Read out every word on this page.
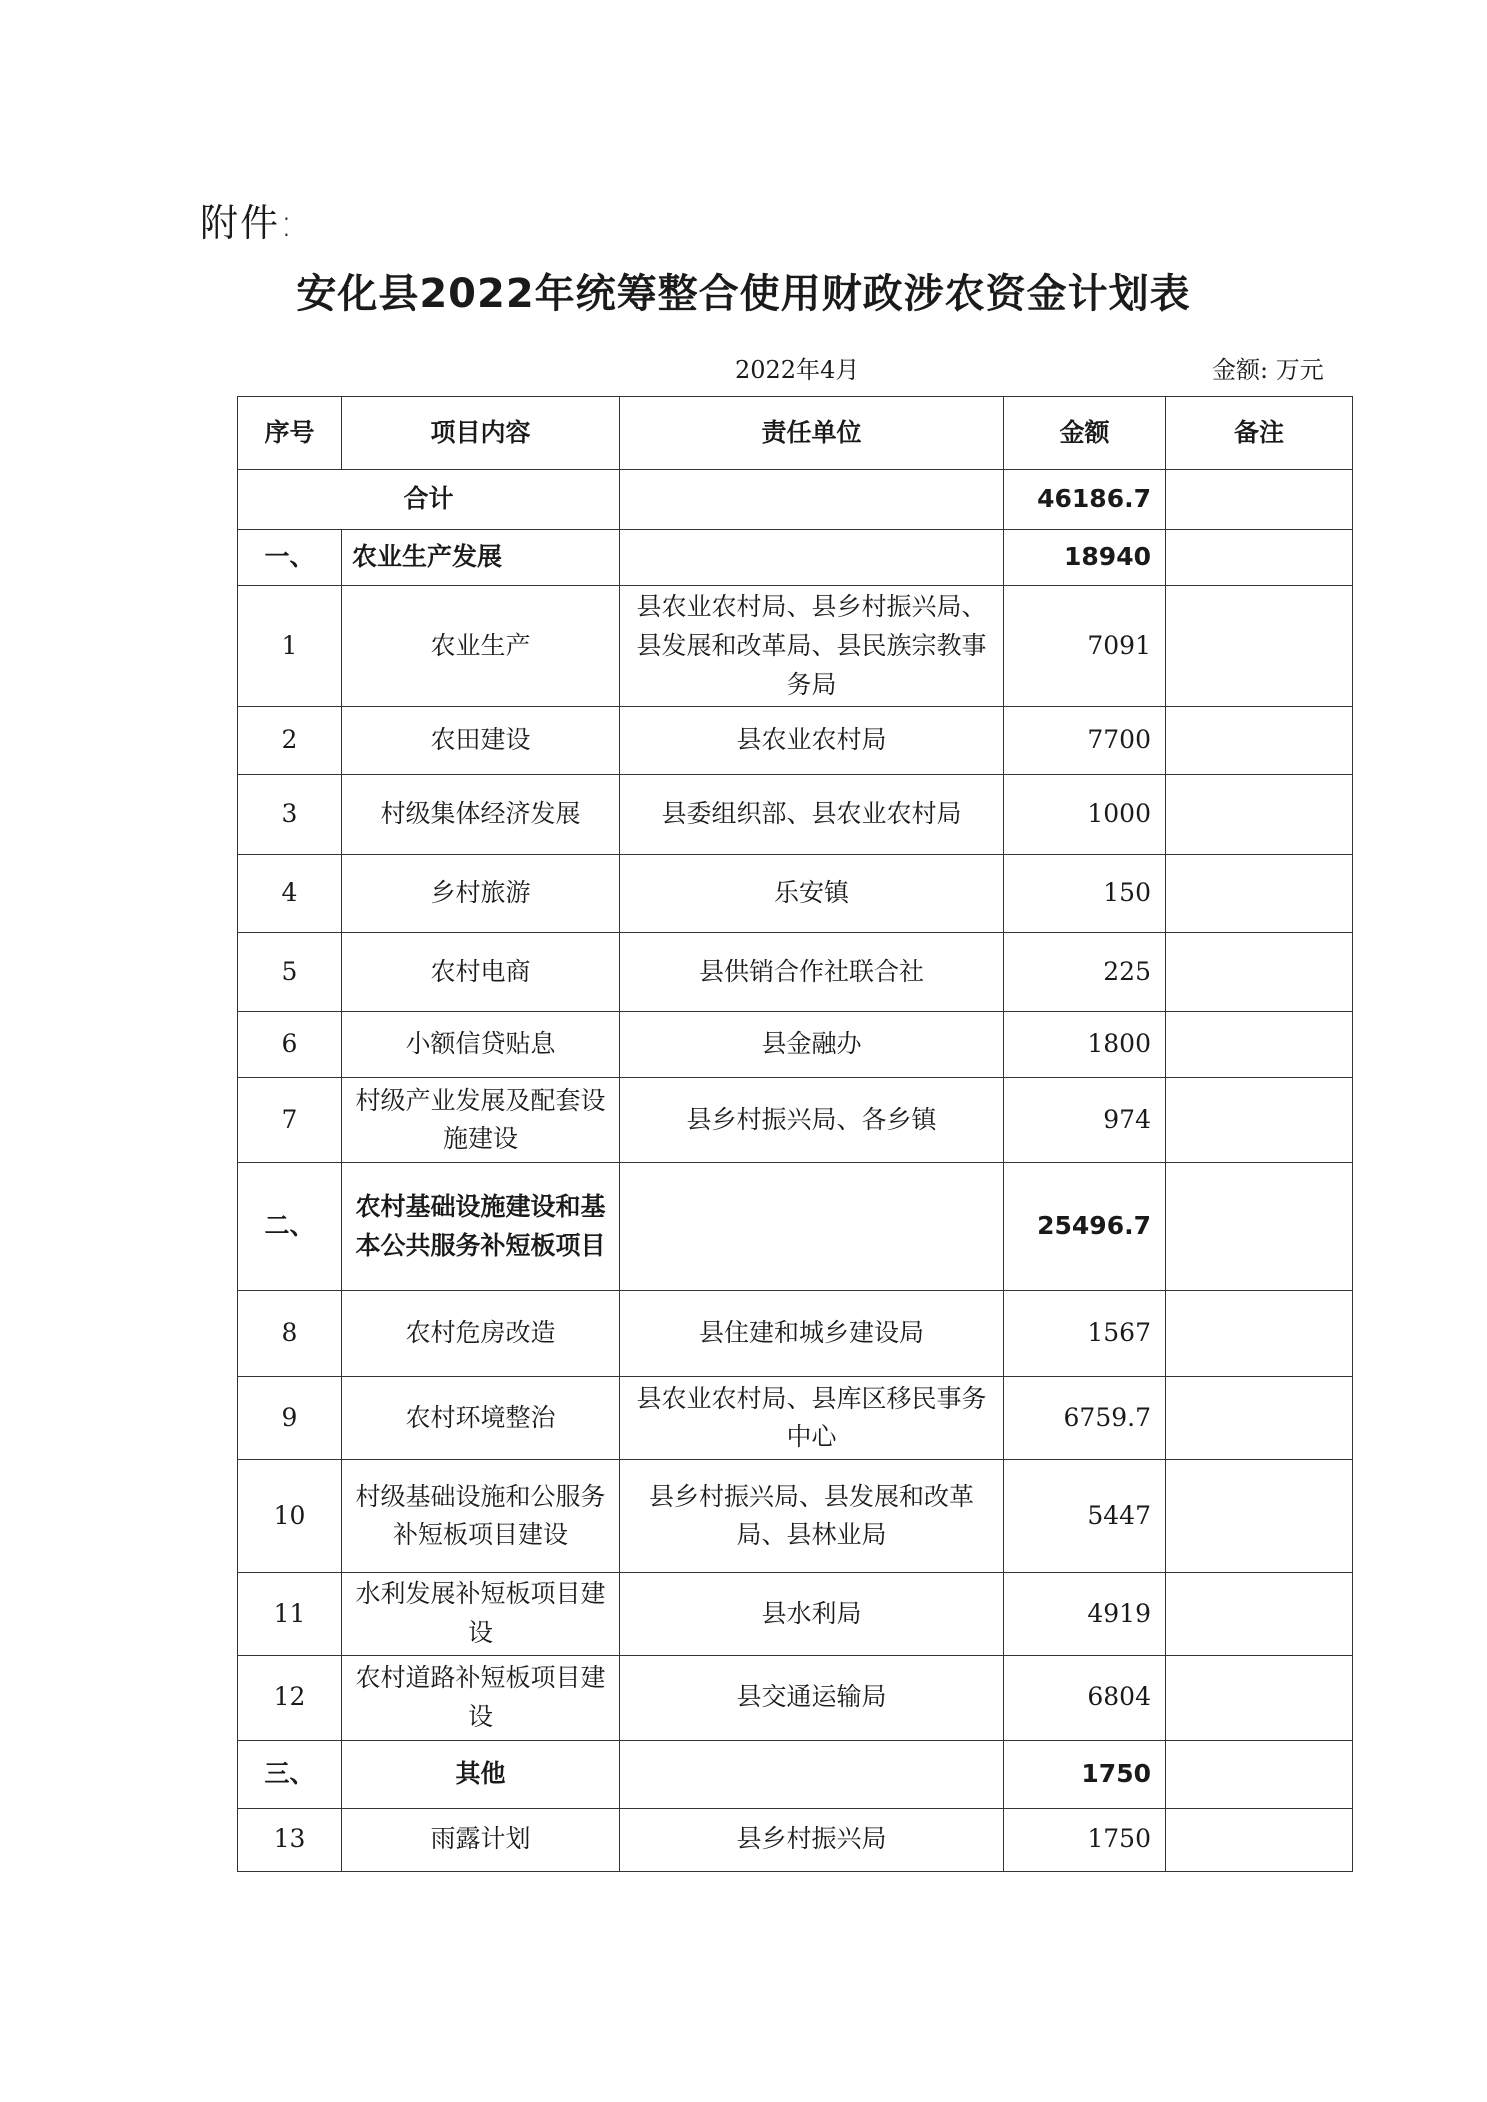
附件:
安化县2022年统筹整合使用财政涉农资金计划表
2022年4月	金额: 万元
序号	项目内容	责任单位	金额	备注
合计			46186.7	
一、	农业生产发展		18940	
1	农业生产	县农业农村局、县乡村振兴局、县发展和改革局、县民族宗教事务局	7091	
2	农田建设	县农业农村局	7700	
3	村级集体经济发展	县委组织部、县农业农村局	1000	
4	乡村旅游	乐安镇	150	
5	农村电商	县供销合作社联合社	225	
6	小额信贷贴息	县金融办	1800	
7	村级产业发展及配套设施建设	县乡村振兴局、各乡镇	974	
二、	农村基础设施建设和基本公共服务补短板项目		25496.7	
8	农村危房改造	县住建和城乡建设局	1567	
9	农村环境整治	县农业农村局、县库区移民事务中心	6759.7	
10	村级基础设施和公服务补短板项目建设	县乡村振兴局、县发展和改革局、县林业局	5447	
11	水利发展补短板项目建设	县水利局	4919	
12	农村道路补短板项目建设	县交通运输局	6804	
三、	其他		1750	
13	雨露计划	县乡村振兴局	1750	
